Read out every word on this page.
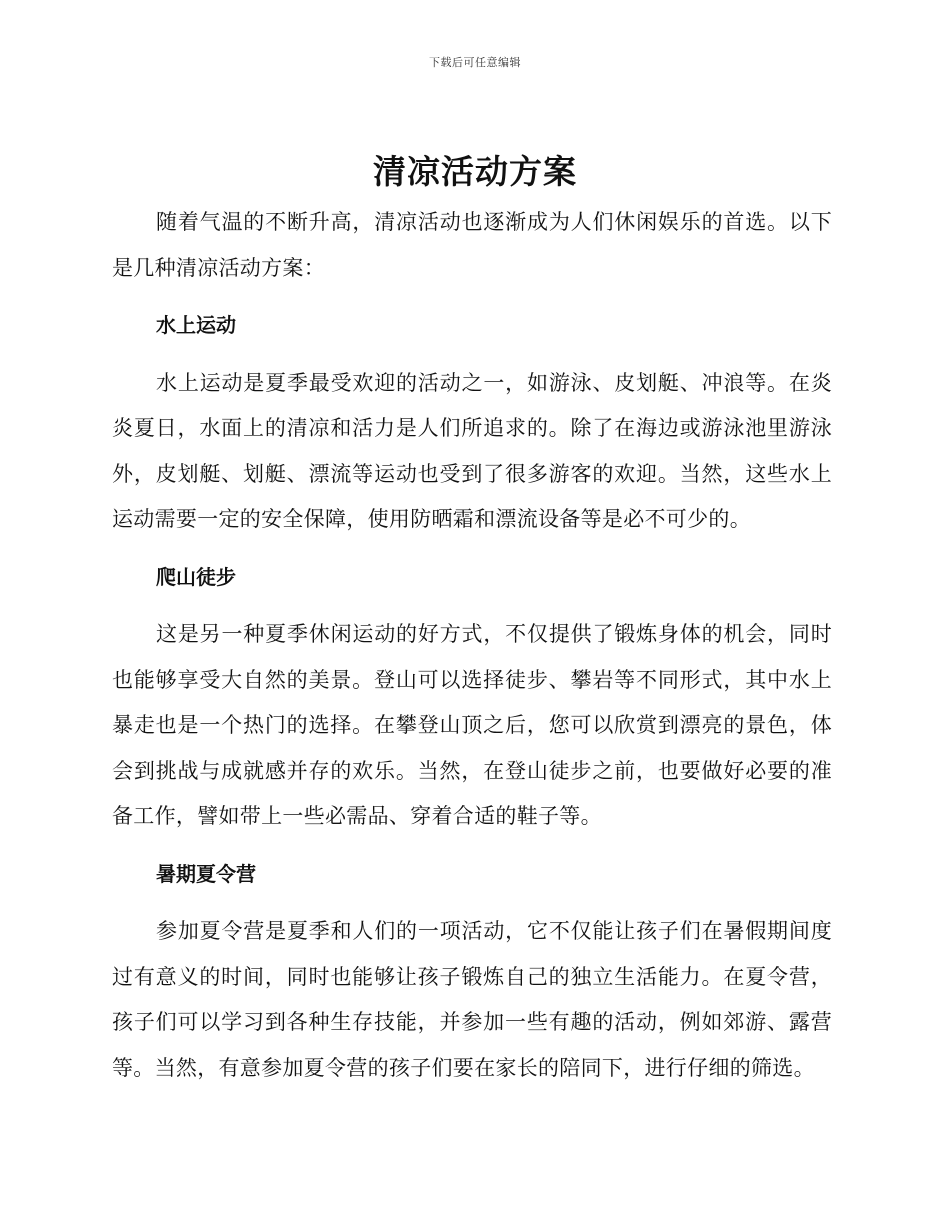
下载后可任意编辑
清凉活动方案

随着气温的不断升高，清凉活动也逐渐成为人们休闲娱乐的首选。以下是几种清凉活动方案：

水上运动

水上运动是夏季最受欢迎的活动之一，如游泳、皮划艇、冲浪等。在炎炎夏日，水面上的清凉和活力是人们所追求的。除了在海边或游泳池里游泳外，皮划艇、划艇、漂流等运动也受到了很多游客的欢迎。当然，这些水上运动需要一定的安全保障，使用防晒霜和漂流设备等是必不可少的。

爬山徒步

这是另一种夏季休闲运动的好方式，不仅提供了锻炼身体的机会，同时也能够享受大自然的美景。登山可以选择徒步、攀岩等不同形式，其中水上暴走也是一个热门的选择。在攀登山顶之后，您可以欣赏到漂亮的景色，体会到挑战与成就感并存的欢乐。当然，在登山徒步之前，也要做好必要的准备工作，譬如带上一些必需品、穿着合适的鞋子等。

暑期夏令营

参加夏令营是夏季和人们的一项活动，它不仅能让孩子们在暑假期间度过有意义的时间，同时也能够让孩子锻炼自己的独立生活能力。在夏令营，孩子们可以学习到各种生存技能，并参加一些有趣的活动，例如郊游、露营等。当然，有意参加夏令营的孩子们要在家长的陪同下，进行仔细的筛选。
